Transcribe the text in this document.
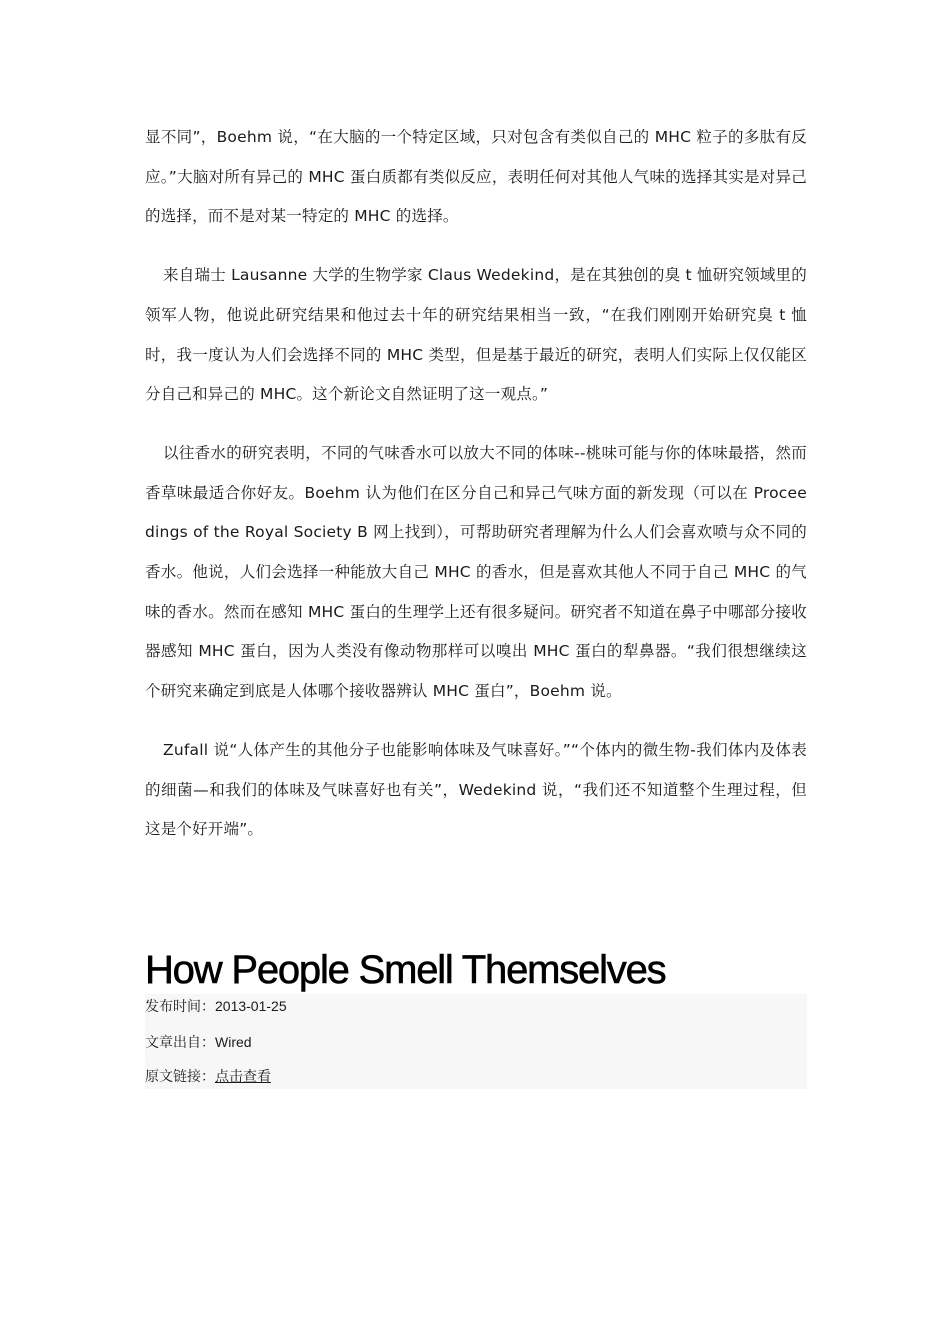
显不同”，Boehm 说，“在大脑的一个特定区域，只对包含有类似自己的 MHC 粒子的多肽有反应。”大脑对所有异己的 MHC 蛋白质都有类似反应，表明任何对其他人气味的选择其实是对异己的选择，而不是对某一特定的 MHC 的选择。

来自瑞士 Lausanne 大学的生物学家 Claus Wedekind，是在其独创的臭 t 恤研究领域里的领军人物，他说此研究结果和他过去十年的研究结果相当一致，“在我们刚刚开始研究臭 t 恤时，我一度认为人们会选择不同的 MHC 类型，但是基于最近的研究，表明人们实际上仅仅能区分自己和异己的 MHC。这个新论文自然证明了这一观点。”

以往香水的研究表明，不同的气味香水可以放大不同的体味--桃味可能与你的体味最搭，然而香草味最适合你好友。Boehm 认为他们在区分自己和异己气味方面的新发现（可以在 Proceedings of the Royal Society B 网上找到），可帮助研究者理解为什么人们会喜欢喷与众不同的香水。他说，人们会选择一种能放大自己 MHC 的香水，但是喜欢其他人不同于自己 MHC 的气味的香水。然而在感知 MHC 蛋白的生理学上还有很多疑问。研究者不知道在鼻子中哪部分接收器感知 MHC 蛋白，因为人类没有像动物那样可以嗅出 MHC 蛋白的犁鼻器。“我们很想继续这个研究来确定到底是人体哪个接收器辨认 MHC 蛋白”，Boehm 说。

Zufall 说“人体产生的其他分子也能影响体味及气味喜好。”“个体内的微生物-我们体内及体表的细菌—和我们的体味及气味喜好也有关”，Wedekind 说，“我们还不知道整个生理过程，但这是个好开端”。

How People Smell Themselves
发布时间：2013-01-25
文章出自：Wired
原文链接：点击查看
